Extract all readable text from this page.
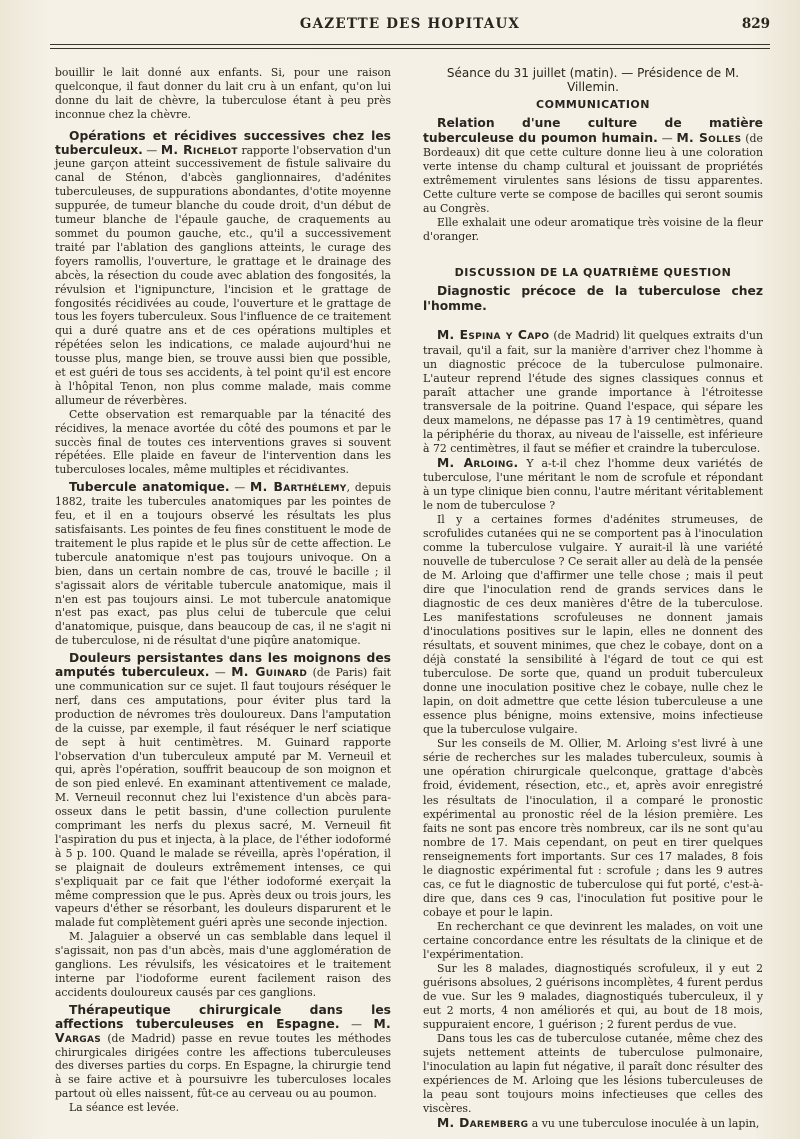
GAZETTE DES HOPITAUX	829

bouillir le lait donné aux enfants. Si, pour une raison quelconque, il faut donner du lait cru à un enfant, qu'on lui donne du lait de chèvre, la tuberculose étant à peu près inconnue chez la chèvre.

Opérations et récidives successives chez les tuberculeux. — M. Richelot rapporte l'observation d'un jeune garçon atteint successivement de fistule salivaire du canal de Sténon, d'abcès ganglionnaires, d'adénites tuberculeuses, de suppurations abondantes, d'otite moyenne suppurée, de tumeur blanche du coude droit, d'un début de tumeur blanche de l'épaule gauche, de craquements au sommet du poumon gauche, etc., qu'il a successivement traité par l'ablation des ganglions atteints, le curage des foyers ramollis, l'ouverture, le grattage et le drainage des abcès, la résection du coude avec ablation des fongosités, la révulsion et l'ignipuncture, l'incision et le grattage de fongosités récidivées au coude, l'ouverture et le grattage de tous les foyers tuberculeux. Sous l'influence de ce traitement qui a duré quatre ans et de ces opérations multiples et répétées selon les indications, ce malade aujourd'hui ne tousse plus, mange bien, se trouve aussi bien que possible, et est guéri de tous ses accidents, à tel point qu'il est encore à l'hôpital Tenon, non plus comme malade, mais comme allumeur de réverbères.

Cette observation est remarquable par la ténacité des récidives, la menace avortée du côté des poumons et par le succès final de toutes ces interventions graves si souvent répétées. Elle plaide en faveur de l'intervention dans les tuberculoses locales, même multiples et récidivantes.

Tubercule anatomique. — M. Barthélemy, depuis 1882, traite les tubercules anatomiques par les pointes de feu, et il en a toujours observé les résultats les plus satisfaisants. Les pointes de feu fines constituent le mode de traitement le plus rapide et le plus sûr de cette affection. Le tubercule anatomique n'est pas toujours univoque. On a bien, dans un certain nombre de cas, trouvé le bacille ; il s'agissait alors de véritable tubercule anatomique, mais il n'en est pas toujours ainsi. Le mot tubercule anatomique n'est pas exact, pas plus celui de tubercule que celui d'anatomique, puisque, dans beaucoup de cas, il ne s'agit ni de tuberculose, ni de résultat d'une piqûre anatomique.

Douleurs persistantes dans les moignons des amputés tuberculeux. — M. Guinard (de Paris) fait une communication sur ce sujet. Il faut toujours réséquer le nerf, dans ces amputations, pour éviter plus tard la production de névromes très douloureux. Dans l'amputation de la cuisse, par exemple, il faut réséquer le nerf sciatique de sept à huit centimètres. M. Guinard rapporte l'observation d'un tuberculeux amputé par M. Verneuil et qui, après l'opération, souffrit beaucoup de son moignon et de son pied enlevé. En examinant attentivement ce malade, M. Verneuil reconnut chez lui l'existence d'un abcès para-osseux dans le petit bassin, d'une collection purulente comprimant les nerfs du plexus sacré, M. Verneuil fit l'aspiration du pus et injecta, à la place, de l'éther iodoformé à 5 p. 100. Quand le malade se réveilla, après l'opération, il se plaignait de douleurs extrêmement intenses, ce qui s'expliquait par ce fait que l'éther iodoformé exerçait la même compression que le pus. Après deux ou trois jours, les vapeurs d'éther se résorbant, les douleurs disparurent et le malade fut complètement guéri après une seconde injection.

M. Jalaguier a observé un cas semblable dans lequel il s'agissait, non pas d'un abcès, mais d'une agglomération de ganglions. Les révulsifs, les vésicatoires et le traitement interne par l'iodoforme eurent facilement raison des accidents douloureux causés par ces ganglions.

Thérapeutique chirurgicale dans les affections tuberculeuses en Espagne. — M. Vargas (de Madrid) passe en revue toutes les méthodes chirurgicales dirigées contre les affections tuberculeuses des diverses parties du corps. En Espagne, la chirurgie tend à se faire active et à poursuivre les tuberculoses locales partout où elles naissent, fût-ce au cerveau ou au poumon.

La séance est levée.

Séance du 31 juillet (matin). — Présidence de M. Villemin.

COMMUNICATION

Relation d'une culture de matière tuberculeuse du poumon humain. — M. Solles (de Bordeaux) dit que cette culture donne lieu à une coloration verte intense du champ cultural et jouissant de propriétés extrêmement virulentes sans lésions de tissu apparentes. Cette culture verte se compose de bacilles qui seront soumis au Congrès.

Elle exhalait une odeur aromatique très voisine de la fleur d'oranger.

DISCUSSION DE LA QUATRIÈME QUESTION

Diagnostic précoce de la tuberculose chez l'homme.

M. Espina y Capo (de Madrid) lit quelques extraits d'un travail, qu'il a fait, sur la manière d'arriver chez l'homme à un diagnostic précoce de la tuberculose pulmonaire. L'auteur reprend l'étude des signes classiques connus et paraît attacher une grande importance à l'étroitesse transversale de la poitrine. Quand l'espace, qui sépare les deux mamelons, ne dépasse pas 17 à 19 centimètres, quand la périphérie du thorax, au niveau de l'aisselle, est inférieure à 72 centimètres, il faut se méfier et craindre la tuberculose.

M. Arloing. Y a-t-il chez l'homme deux variétés de tuberculose, l'une méritant le nom de scrofule et répondant à un type clinique bien connu, l'autre méritant véritablement le nom de tuberculose ?

Il y a certaines formes d'adénites strumeuses, de scrofulides cutanées qui ne se comportent pas à l'inoculation comme la tuberculose vulgaire. Y aurait-il là une variété nouvelle de tuberculose ? Ce serait aller au delà de la pensée de M. Arloing que d'affirmer une telle chose ; mais il peut dire que l'inoculation rend de grands services dans le diagnostic de ces deux manières d'être de la tuberculose. Les manifestations scrofuleuses ne donnent jamais d'inoculations positives sur le lapin, elles ne donnent des résultats, et souvent minimes, que chez le cobaye, dont on a déjà constaté la sensibilité à l'égard de tout ce qui est tuberculose. De sorte que, quand un produit tuberculeux donne une inoculation positive chez le cobaye, nulle chez le lapin, on doit admettre que cette lésion tuberculeuse a une essence plus bénigne, moins extensive, moins infectieuse que la tuberculose vulgaire.

Sur les conseils de M. Ollier, M. Arloing s'est livré à une série de recherches sur les malades tuberculeux, soumis à une opération chirurgicale quelconque, grattage d'abcès froid, évidement, résection, etc., et, après avoir enregistré les résultats de l'inoculation, il a comparé le pronostic expérimental au pronostic réel de la lésion première. Les faits ne sont pas encore très nombreux, car ils ne sont qu'au nombre de 17. Mais cependant, on peut en tirer quelques renseignements fort importants. Sur ces 17 malades, 8 fois le diagnostic expérimental fut : scrofule ; dans les 9 autres cas, ce fut le diagnostic de tuberculose qui fut porté, c'est-à-dire que, dans ces 9 cas, l'inoculation fut positive pour le cobaye et pour le lapin.

En recherchant ce que devinrent les malades, on voit une certaine concordance entre les résultats de la clinique et de l'expérimentation.

Sur les 8 malades, diagnostiqués scrofuleux, il y eut 2 guérisons absolues, 2 guérisons incomplètes, 4 furent perdus de vue. Sur les 9 malades, diagnostiqués tuberculeux, il y eut 2 morts, 4 non améliorés et qui, au bout de 18 mois, suppuraient encore, 1 guérison ; 2 furent perdus de vue.

Dans tous les cas de tuberculose cutanée, même chez des sujets nettement atteints de tuberculose pulmonaire, l'inoculation au lapin fut négative, il paraît donc résulter des expériences de M. Arloing que les lésions tuberculeuses de la peau sont toujours moins infectieuses que celles des viscères.

M. Daremberg a vu une tuberculose inoculée à un lapin,
